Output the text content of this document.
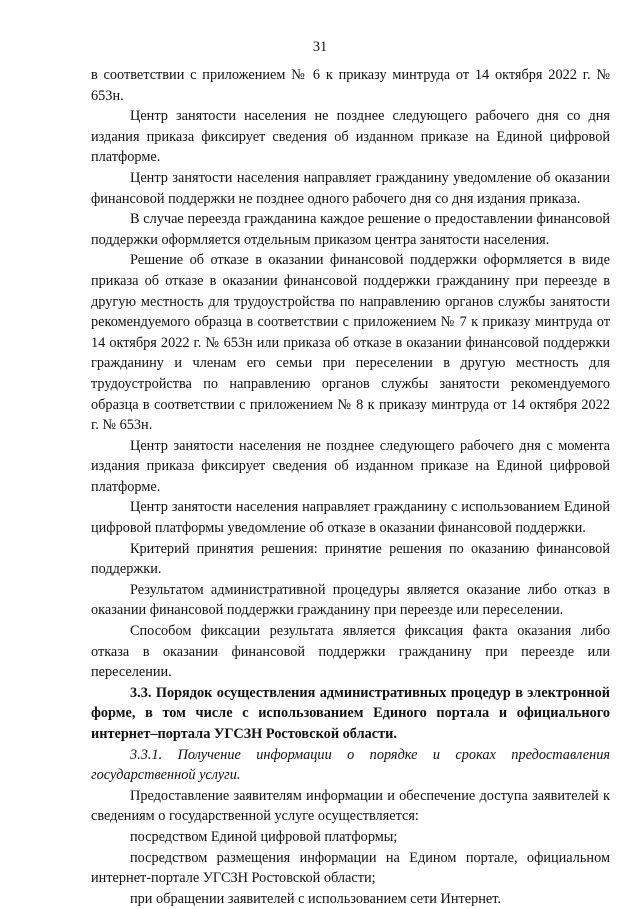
31

в соответствии с приложением № 6 к приказу минтруда от 14 октября 2022 г. № 653н.

Центр занятости населения не позднее следующего рабочего дня со дня издания приказа фиксирует сведения об изданном приказе на Единой цифровой платформе.

Центр занятости населения направляет гражданину уведомление об оказании финансовой поддержки не позднее одного рабочего дня со дня издания приказа.

В случае переезда гражданина каждое решение о предоставлении финансовой поддержки оформляется отдельным приказом центра занятости населения.

Решение об отказе в оказании финансовой поддержки оформляется в виде приказа об отказе в оказании финансовой поддержки гражданину при переезде в другую местность для трудоустройства по направлению органов службы занятости рекомендуемого образца в соответствии с приложением № 7 к приказу минтруда от 14 октября 2022 г. № 653н или приказа об отказе в оказании финансовой поддержки гражданину и членам его семьи при переселении в другую местность для трудоустройства по направлению органов службы занятости рекомендуемого образца в соответствии с приложением № 8 к приказу минтруда от 14 октября 2022 г. № 653н.

Центр занятости населения не позднее следующего рабочего дня с момента издания приказа фиксирует сведения об изданном приказе на Единой цифровой платформе.

Центр занятости населения направляет гражданину с использованием Единой цифровой платформы уведомление об отказе в оказании финансовой поддержки.

Критерий принятия решения: принятие решения по оказанию финансовой поддержки.

Результатом административной процедуры является оказание либо отказ в оказании финансовой поддержки гражданину при переезде или переселении.

Способом фиксации результата является фиксация факта оказания либо отказа в оказании финансовой поддержки гражданину при переезде или переселении.

3.3. Порядок осуществления административных процедур в электронной форме, в том числе с использованием Единого портала и официального интернет–портала УГСЗН Ростовской области.

3.3.1. Получение информации о порядке и сроках предоставления государственной услуги.

Предоставление заявителям информации и обеспечение доступа заявителей к сведениям о государственной услуге осуществляется:

посредством Единой цифровой платформы;

посредством размещения информации на Едином портале, официальном интернет-портале УГСЗН Ростовской области;

при обращении заявителей с использованием сети Интернет.
